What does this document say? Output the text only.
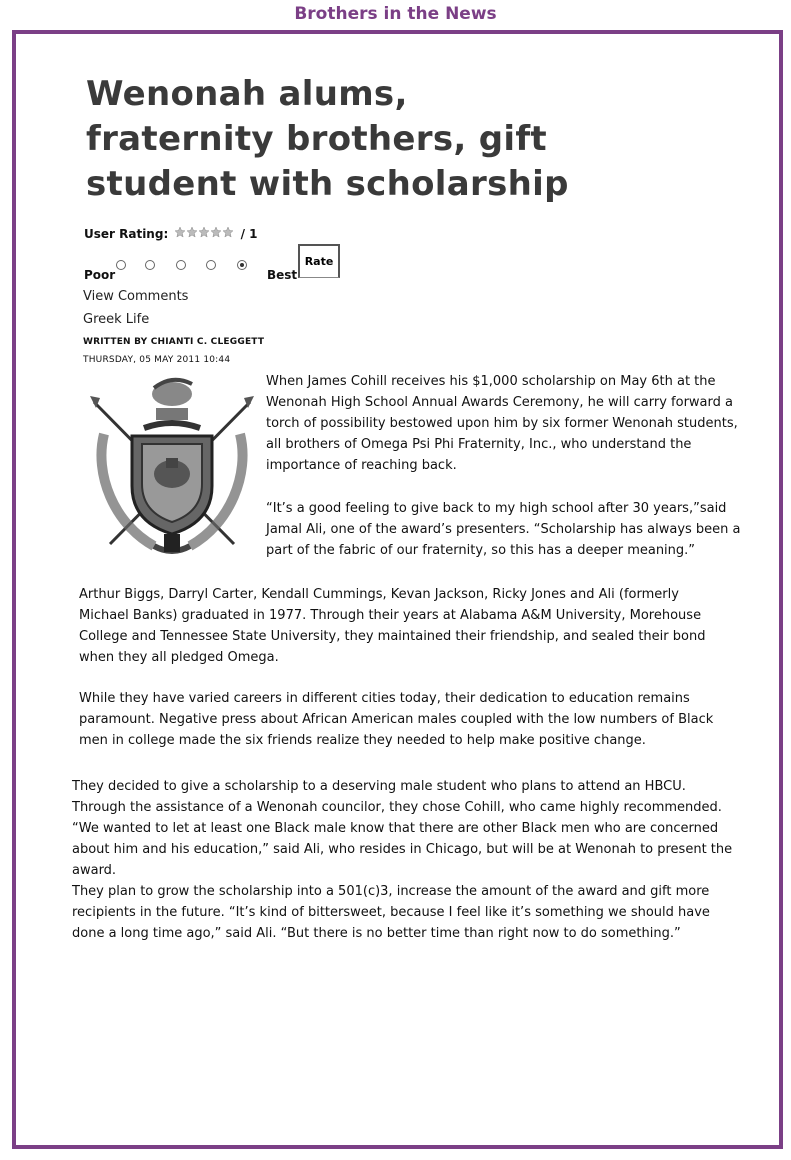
Brothers in the News
Wenonah alums, fraternity brothers, gift student with scholarship
User Rating:	/ 1
Poor	Best
Rate
View Comments
Greek Life
WRITTEN BY CHIANTI C. CLEGGETT
THURSDAY, 05 MAY 2011 10:44

When James Cohill receives his $1,000 scholarship on May 6th at the Wenonah High School Annual Awards Ceremony, he will carry forward a torch of possibility bestowed upon him by six former Wenonah students, all brothers of Omega Psi Phi Fraternity, Inc., who understand the importance of reaching back.

“It’s a good feeling to give back to my high school after 30 years,”said Jamal Ali, one of the award’s presenters. “Scholarship has always been a part of the fabric of our fraternity, so this has a deeper meaning.”

Arthur Biggs, Darryl Carter, Kendall Cummings, Kevan Jackson, Ricky Jones and Ali (formerly Michael Banks) graduated in 1977. Through their years at Alabama A&M University, Morehouse College and Tennessee State University, they maintained their friendship, and sealed their bond when they all pledged Omega.

While they have varied careers in different cities today, their dedication to education remains paramount. Negative press about African American males coupled with the low numbers of Black men in college made the six friends realize they needed to help make positive change.

They decided to give a scholarship to a deserving male student who plans to attend an HBCU. Through the assistance of a Wenonah councilor, they chose Cohill, who came highly recommended. “We wanted to let at least one Black male know that there are other Black men who are concerned about him and his education,” said Ali, who resides in Chicago, but will be at Wenonah to present the award.

They plan to grow the scholarship into a 501(c)3, increase the amount of the award and gift more recipients in the future. “It’s kind of bittersweet, because I feel like it’s something we should have done a long time ago,” said Ali. “But there is no better time than right now to do something.”
